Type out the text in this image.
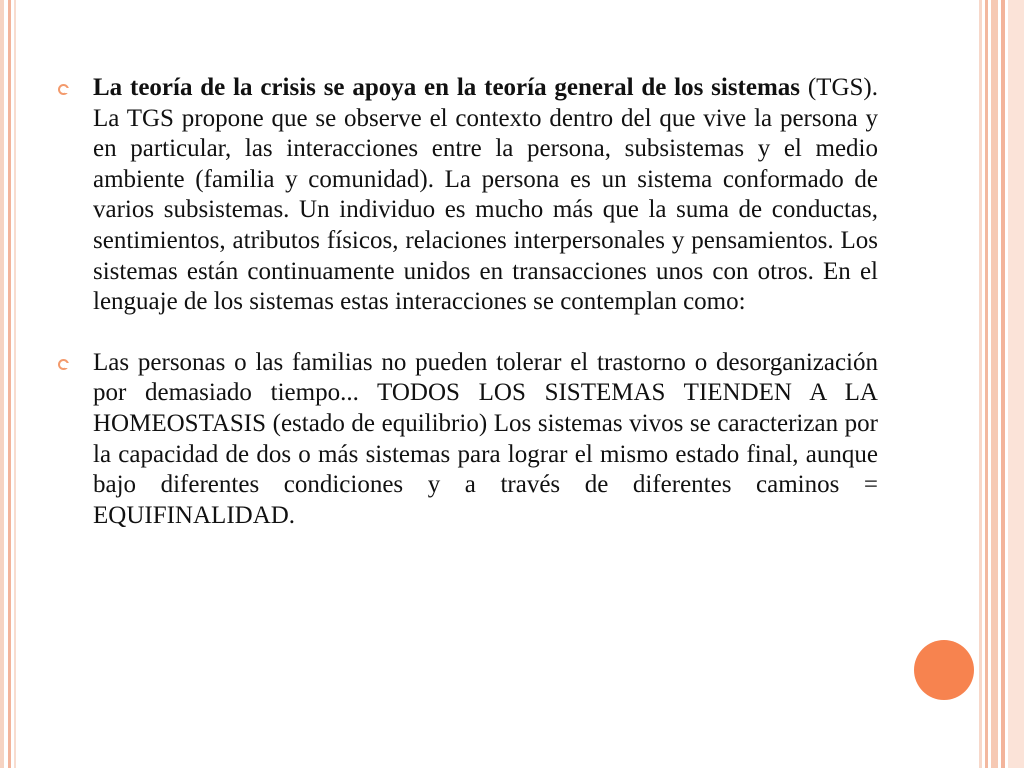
La teoría de la crisis se apoya en la teoría general de los sistemas (TGS). La TGS propone que se observe el contexto dentro del que vive la persona y en particular, las interacciones entre la persona, subsistemas y el medio ambiente (familia y comunidad). La persona es un sistema conformado de varios subsistemas. Un individuo es mucho más que la suma de conductas, sentimientos, atributos físicos, relaciones interpersonales y pensamientos. Los sistemas están continuamente unidos en transacciones unos con otros. En el lenguaje de los sistemas estas interacciones se contemplan como:

Las personas o las familias no pueden tolerar el trastorno o desorganización por demasiado tiempo... TODOS LOS SISTEMAS TIENDEN A LA HOMEOSTASIS (estado de equilibrio) Los sistemas vivos se caracterizan por la capacidad de dos o más sistemas para lograr el mismo estado final, aunque bajo diferentes condiciones y a través de diferentes caminos = EQUIFINALIDAD.
